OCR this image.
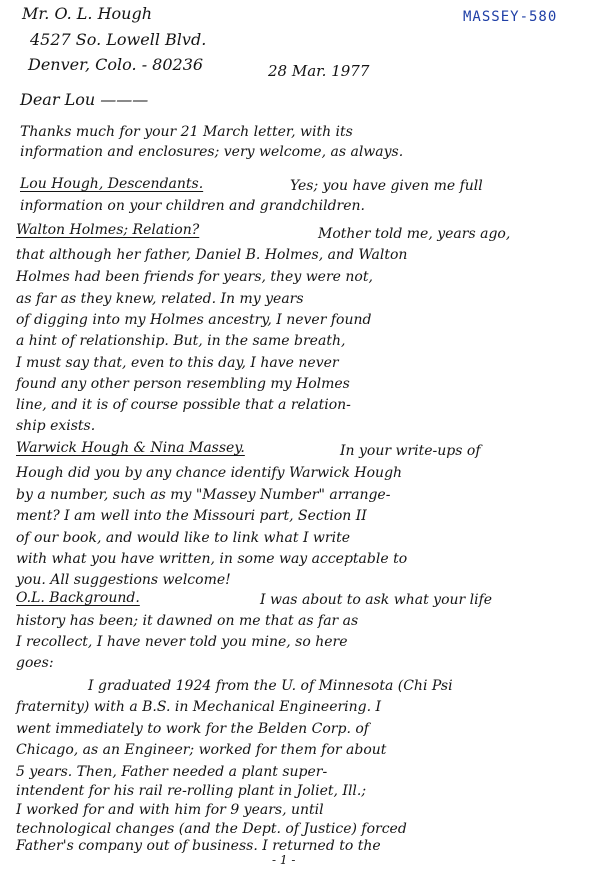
MASSEY-580
Mr. O. L. Hough
4527 So. Lowell Blvd.
Denver, Colo. - 80236	28 Mar. 1977
Dear Lou ———
Thanks much for your 21 March letter, with its
information and enclosures; very welcome, as always.
Lou Hough, Descendants.	Yes; you have given me full
information on your children and grandchildren.
Walton Holmes; Relation?	Mother told me, years ago,
that although her father, Daniel B. Holmes, and Walton
Holmes had been friends for years, they were not,
as far as they knew, related. In my years
of digging into my Holmes ancestry, I never found
a hint of relationship. But, in the same breath,
I must say that, even to this day, I have never
found any other person resembling my Holmes
line, and it is of course possible that a relation-
ship exists.
Warwick Hough & Nina Massey.	In your write-ups of
Hough did you by any chance identify Warwick Hough
by a number, such as my "Massey Number" arrange-
ment? I am well into the Missouri part, Section II
of our book, and would like to link what I write
with what you have written, in some way acceptable to
you. All suggestions welcome!
O.L. Background.	I was about to ask what your life
history has been; it dawned on me that as far as
I recollect, I have never told you mine, so here
goes:
I graduated 1924 from the U. of Minnesota (Chi Psi
fraternity) with a B.S. in Mechanical Engineering. I
went immediately to work for the Belden Corp. of
Chicago, as an Engineer; worked for them for about
5 years. Then, Father needed a plant super-
intendent for his rail re-rolling plant in Joliet, Ill.;
I worked for and with him for 9 years, until
technological changes (and the Dept. of Justice) forced
Father's company out of business. I returned to the
- 1 -
